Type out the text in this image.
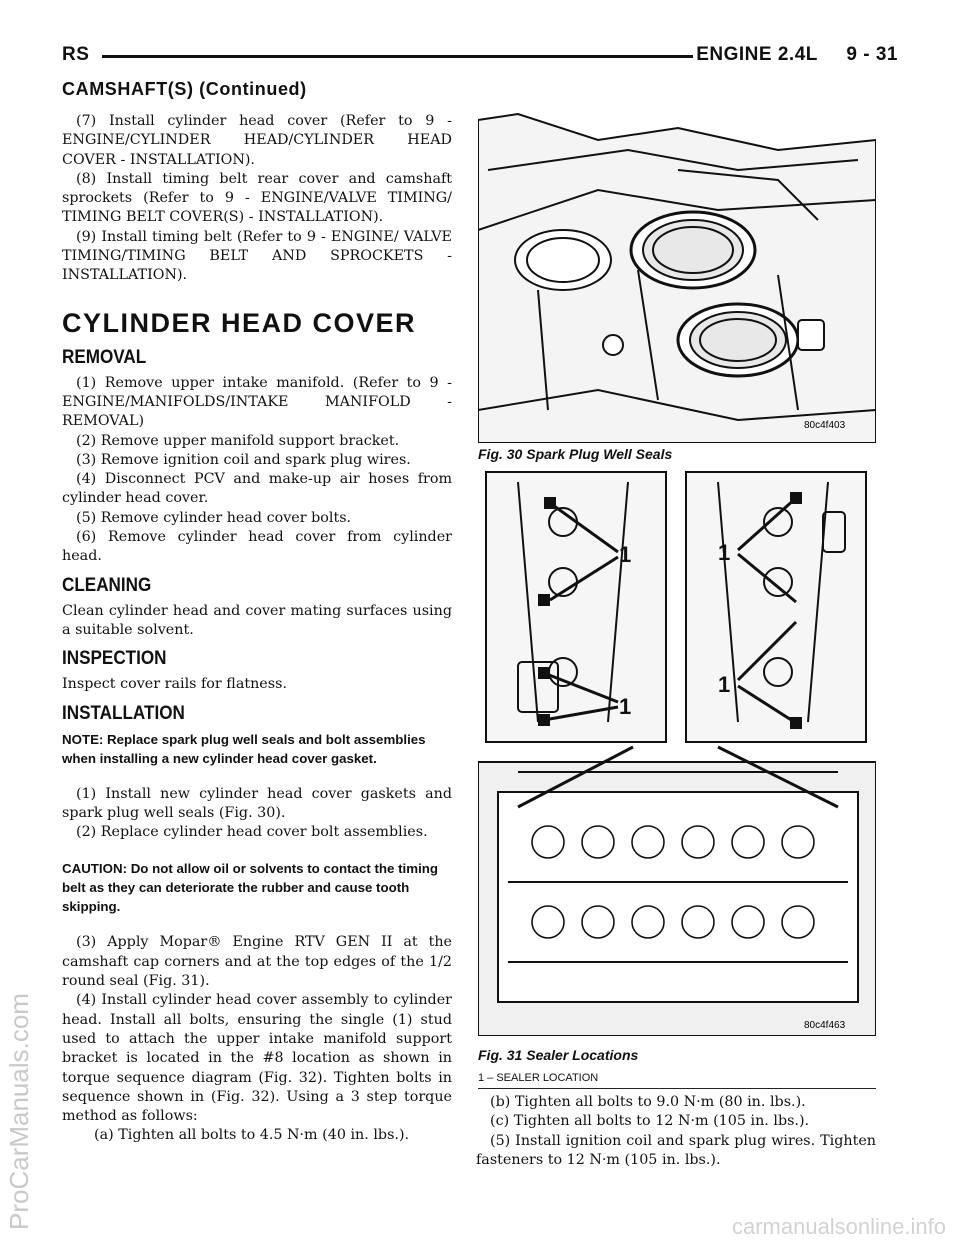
RS	ENGINE 2.4L     9 - 31
CAMSHAFT(S) (Continued)
ProCarManuals.com	carmanualsonline.info

(7) Install cylinder head cover (Refer to 9 - ENGINE/CYLINDER HEAD/CYLINDER HEAD COVER - INSTALLATION).

(8) Install timing belt rear cover and camshaft sprockets (Refer to 9 - ENGINE/VALVE TIMING/ TIMING BELT COVER(S) - INSTALLATION).

(9) Install timing belt (Refer to 9 - ENGINE/ VALVE TIMING/TIMING BELT AND SPROCKETS - INSTALLATION).

CYLINDER HEAD COVER
REMOVAL

(1) Remove upper intake manifold. (Refer to 9 - ENGINE/MANIFOLDS/INTAKE MANIFOLD - REMOVAL)

(2) Remove upper manifold support bracket.

(3) Remove ignition coil and spark plug wires.

(4) Disconnect PCV and make-up air hoses from cylinder head cover.

(5) Remove cylinder head cover bolts.

(6) Remove cylinder head cover from cylinder head.

CLEANING

Clean cylinder head and cover mating surfaces using a suitable solvent.

INSPECTION

Inspect cover rails for flatness.

INSTALLATION
NOTE: Replace spark plug well seals and bolt assemblies when installing a new cylinder head cover gasket.

(1) Install new cylinder head cover gaskets and spark plug well seals (Fig. 30).

(2) Replace cylinder head cover bolt assemblies.

CAUTION: Do not allow oil or solvents to contact the timing belt as they can deteriorate the rubber and cause tooth skipping.

(3) Apply Mopar® Engine RTV GEN II at the camshaft cap corners and at the top edges of the 1/2 round seal (Fig. 31).

(4) Install cylinder head cover assembly to cylinder head. Install all bolts, ensuring the single (1) stud used to attach the upper intake manifold support bracket is located in the #8 location as shown in torque sequence diagram (Fig. 32). Tighten bolts in sequence shown in (Fig. 32). Using a 3 step torque method as follows:

(a) Tighten all bolts to 4.5 N·m (40 in. lbs.).

80c4f403
Fig. 30 Spark Plug Well Seals
1	1
1
1
80c4f463
Fig. 31 Sealer Locations
1 – SEALER LOCATION

(b) Tighten all bolts to 9.0 N·m (80 in. lbs.).

(c) Tighten all bolts to 12 N·m (105 in. lbs.).

(5) Install ignition coil and spark plug wires. Tighten fasteners to 12 N·m (105 in. lbs.).
